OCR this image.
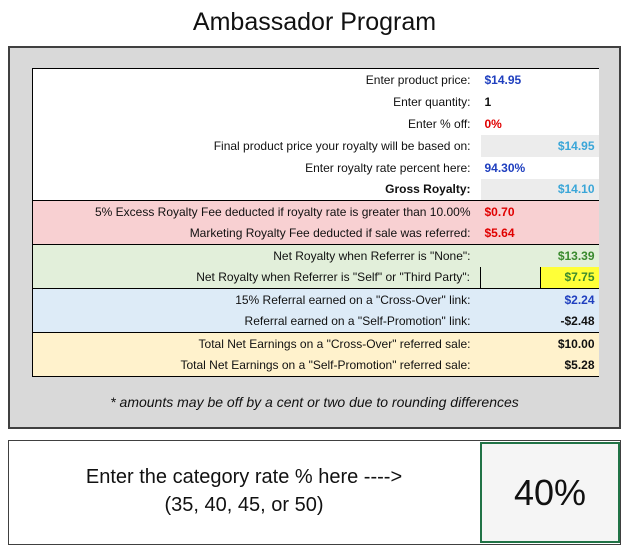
Ambassador Program
Enter product price:	$14.95	
Enter quantity:	1	
Enter % off:	0%	
Final product price your royalty will be based on:	$14.95	
Enter royalty rate percent here:	94.30%	
Gross Royalty:	$14.10	
5% Excess Royalty Fee deducted if royalty rate is greater than 10.00%	$0.70	
Marketing Royalty Fee deducted if sale was referred:	$5.64	
Net Royalty when Referrer is "None":	$13.39	
Net Royalty when Referrer is "Self" or "Third Party":		$7.75
15% Referral earned on a "Cross-Over" link:	$2.24	
Referral earned on a "Self-Promotion" link:	-$2.48	
Total Net Earnings on a "Cross-Over" referred sale:	$10.00	
Total Net Earnings on a "Self-Promotion" referred sale:	$5.28	
* amounts may be off by a cent or two due to rounding differences
Enter the category rate % here ---->
(35, 40, 45, or 50)	40%
